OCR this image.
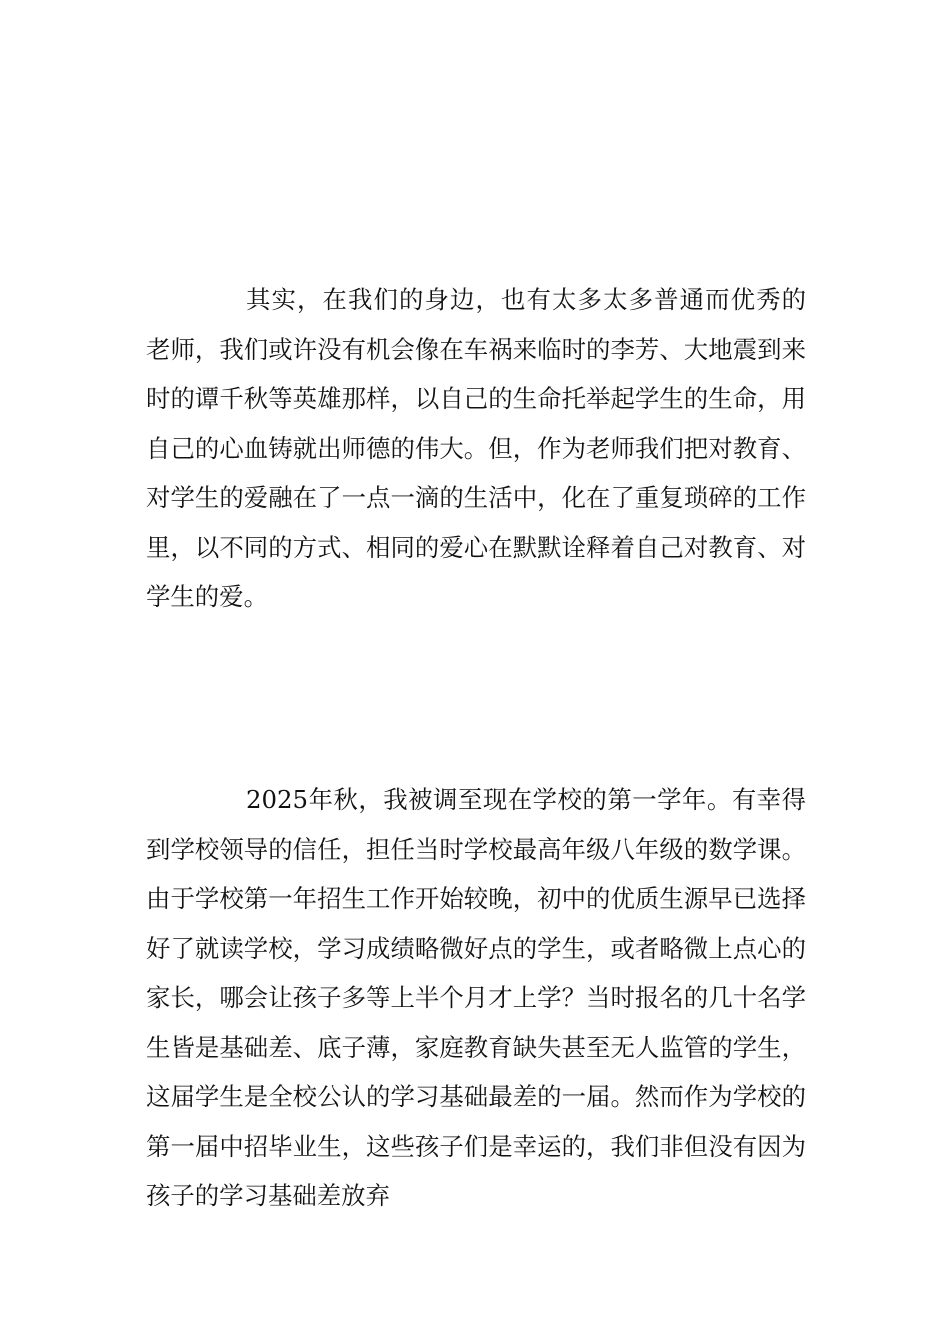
其实，在我们的身边，也有太多太多普通而优秀的老师，我们或许没有机会像在车祸来临时的李芳、大地震到来时的谭千秋等英雄那样，以自己的生命托举起学生的生命，用自己的心血铸就出师德的伟大。但，作为老师我们把对教育、对学生的爱融在了一点一滴的生活中，化在了重复琐碎的工作里，以不同的方式、相同的爱心在默默诠释着自己对教育、对学生的爱。

2025年秋，我被调至现在学校的第一学年。有幸得到学校领导的信任，担任当时学校最高年级八年级的数学课。由于学校第一年招生工作开始较晚，初中的优质生源早已选择好了就读学校，学习成绩略微好点的学生，或者略微上点心的家长，哪会让孩子多等上半个月才上学？当时报名的几十名学生皆是基础差、底子薄，家庭教育缺失甚至无人监管的学生，这届学生是全校公认的学习基础最差的一届。然而作为学校的第一届中招毕业生，这些孩子们是幸运的，我们非但没有因为孩子的学习基础差放弃
